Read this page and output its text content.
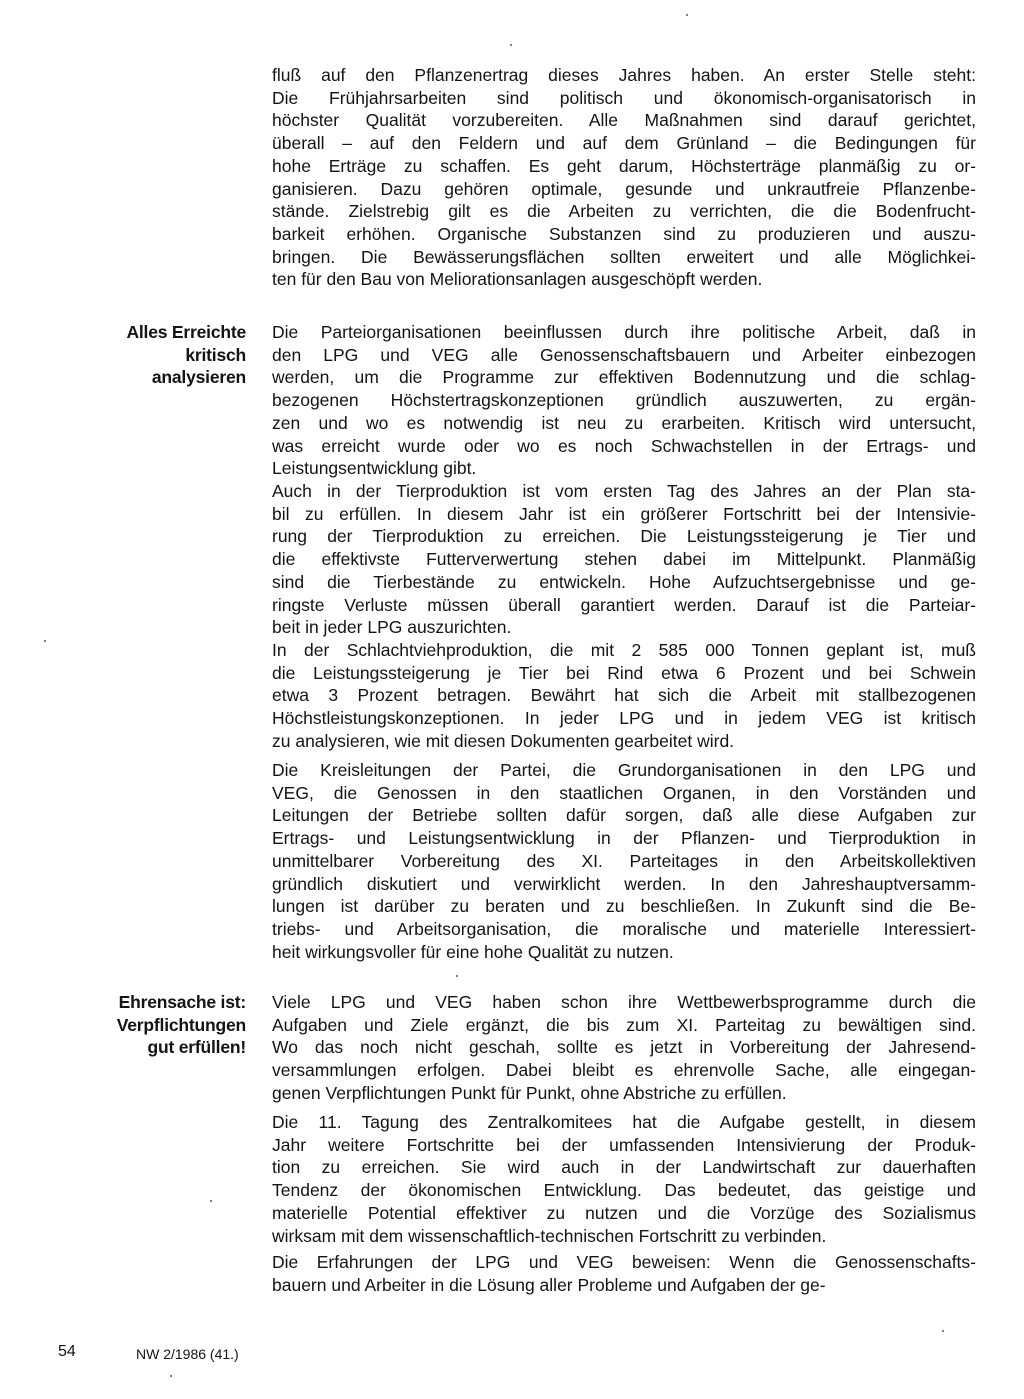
fluß auf den Pflanzenertrag dieses Jahres haben. An erster Stelle steht:
Die Frühjahrsarbeiten sind politisch und ökonomisch-organisatorisch in
höchster Qualität vorzubereiten. Alle Maßnahmen sind darauf gerichtet,
überall – auf den Feldern und auf dem Grünland – die Bedingungen für
hohe Erträge zu schaffen. Es geht darum, Höchsterträge planmäßig zu or-
ganisieren. Dazu gehören optimale, gesunde und unkrautfreie Pflanzenbe-
stände. Zielstrebig gilt es die Arbeiten zu verrichten, die die Bodenfrucht-
barkeit erhöhen. Organische Substanzen sind zu produzieren und auszu-
bringen. Die Bewässerungsflächen sollten erweitert und alle Möglichkei-
ten für den Bau von Meliorationsanlagen ausgeschöpft werden.
Die Parteiorganisationen beeinflussen durch ihre politische Arbeit, daß in
den LPG und VEG alle Genossenschaftsbauern und Arbeiter einbezogen
werden, um die Programme zur effektiven Bodennutzung und die schlag-
bezogenen Höchstertragskonzeptionen gründlich auszuwerten, zu ergän-
zen und wo es notwendig ist neu zu erarbeiten. Kritisch wird untersucht,
was erreicht wurde oder wo es noch Schwachstellen in der Ertrags- und
Leistungsentwicklung gibt.
Auch in der Tierproduktion ist vom ersten Tag des Jahres an der Plan sta-
bil zu erfüllen. In diesem Jahr ist ein größerer Fortschritt bei der Intensivie-
rung der Tierproduktion zu erreichen. Die Leistungssteigerung je Tier und
die effektivste Futterverwertung stehen dabei im Mittelpunkt. Planmäßig
sind die Tierbestände zu entwickeln. Hohe Aufzuchtsergebnisse und ge-
ringste Verluste müssen überall garantiert werden. Darauf ist die Parteiar-
beit in jeder LPG auszurichten.
In der Schlachtviehproduktion, die mit 2 585 000 Tonnen geplant ist, muß
die Leistungssteigerung je Tier bei Rind etwa 6 Prozent und bei Schwein
etwa 3 Prozent betragen. Bewährt hat sich die Arbeit mit stallbezogenen
Höchstleistungskonzeptionen. In jeder LPG und in jedem VEG ist kritisch
zu analysieren, wie mit diesen Dokumenten gearbeitet wird.
Die Kreisleitungen der Partei, die Grundorganisationen in den LPG und
VEG, die Genossen in den staatlichen Organen, in den Vorständen und
Leitungen der Betriebe sollten dafür sorgen, daß alle diese Aufgaben zur
Ertrags- und Leistungsentwicklung in der Pflanzen- und Tierproduktion in
unmittelbarer Vorbereitung des XI. Parteitages in den Arbeitskollektiven
gründlich diskutiert und verwirklicht werden. In den Jahreshauptversamm-
lungen ist darüber zu beraten und zu beschließen. In Zukunft sind die Be-
triebs- und Arbeitsorganisation, die moralische und materielle Interessiert-
heit wirkungsvoller für eine hohe Qualität zu nutzen.
Viele LPG und VEG haben schon ihre Wettbewerbsprogramme durch die
Aufgaben und Ziele ergänzt, die bis zum XI. Parteitag zu bewältigen sind.
Wo das noch nicht geschah, sollte es jetzt in Vorbereitung der Jahresend-
versammlungen erfolgen. Dabei bleibt es ehrenvolle Sache, alle eingegan-
genen Verpflichtungen Punkt für Punkt, ohne Abstriche zu erfüllen.
Die 11. Tagung des Zentralkomitees hat die Aufgabe gestellt, in diesem
Jahr weitere Fortschritte bei der umfassenden Intensivierung der Produk-
tion zu erreichen. Sie wird auch in der Landwirtschaft zur dauerhaften
Tendenz der ökonomischen Entwicklung. Das bedeutet, das geistige und
materielle Potential effektiver zu nutzen und die Vorzüge des Sozialismus
wirksam mit dem wissenschaftlich-technischen Fortschritt zu verbinden.
Die Erfahrungen der LPG und VEG beweisen: Wenn die Genossenschafts-
bauern und Arbeiter in die Lösung aller Probleme und Aufgaben der ge-
Alles Erreichte
kritisch
analysieren
Ehrensache ist:
Verpflichtungen
gut erfüllen!
54	NW 2/1986 (41.)
